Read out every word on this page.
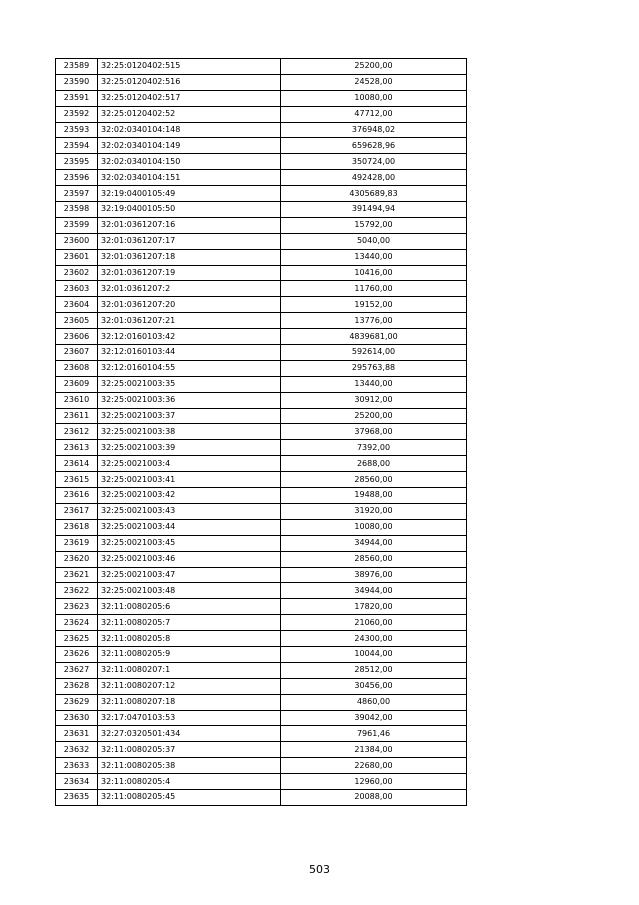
23589	32:25:0120402:515	25200,00
23590	32:25:0120402:516	24528,00
23591	32:25:0120402:517	10080,00
23592	32:25:0120402:52	47712,00
23593	32:02:0340104:148	376948,02
23594	32:02:0340104:149	659628,96
23595	32:02:0340104:150	350724,00
23596	32:02:0340104:151	492428,00
23597	32:19:0400105:49	4305689,83
23598	32:19:0400105:50	391494,94
23599	32:01:0361207:16	15792,00
23600	32:01:0361207:17	5040,00
23601	32:01:0361207:18	13440,00
23602	32:01:0361207:19	10416,00
23603	32:01:0361207:2	11760,00
23604	32:01:0361207:20	19152,00
23605	32:01:0361207:21	13776,00
23606	32:12:0160103:42	4839681,00
23607	32:12:0160103:44	592614,00
23608	32:12:0160104:55	295763,88
23609	32:25:0021003:35	13440,00
23610	32:25:0021003:36	30912,00
23611	32:25:0021003:37	25200,00
23612	32:25:0021003:38	37968,00
23613	32:25:0021003:39	7392,00
23614	32:25:0021003:4	2688,00
23615	32:25:0021003:41	28560,00
23616	32:25:0021003:42	19488,00
23617	32:25:0021003:43	31920,00
23618	32:25:0021003:44	10080,00
23619	32:25:0021003:45	34944,00
23620	32:25:0021003:46	28560,00
23621	32:25:0021003:47	38976,00
23622	32:25:0021003:48	34944,00
23623	32:11:0080205:6	17820,00
23624	32:11:0080205:7	21060,00
23625	32:11:0080205:8	24300,00
23626	32:11:0080205:9	10044,00
23627	32:11:0080207:1	28512,00
23628	32:11:0080207:12	30456,00
23629	32:11:0080207:18	4860,00
23630	32:17:0470103:53	39042,00
23631	32:27:0320501:434	7961,46
23632	32:11:0080205:37	21384,00
23633	32:11:0080205:38	22680,00
23634	32:11:0080205:4	12960,00
23635	32:11:0080205:45	20088,00
503
